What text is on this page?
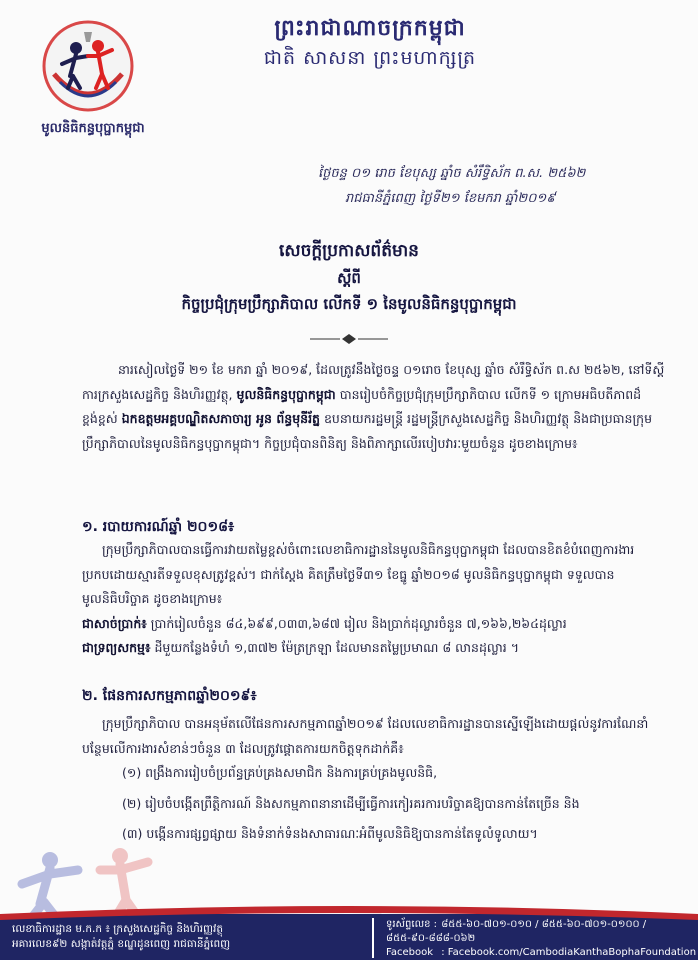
មូលនិធិកន្ធបុប្ផាកម្ពុជា
ព្រះរាជាណាចក្រកម្ពុជា
ជាតិ សាសនា ព្រះមហាក្សត្រ
ថ្ងៃចន្ទ ០១ រោច ខែបុស្ស ឆ្នាំច សំរឹទ្ធិស័ក ព.ស. ២៥៦២
រាជធានីភ្នំពេញ ថ្ងៃទី២១ ខែមករា ឆ្នាំ២០១៩
សេចក្តីប្រកាសព័ត៌មាន
ស្តីពី
កិច្ចប្រជុំក្រុមប្រឹក្សាភិបាល លើកទី ១ នៃមូលនិធិកន្ធបុប្ផាកម្ពុជា
នារសៀលថ្ងៃទី ២១ ខែ មករា ឆ្នាំ ២០១៩, ដែលត្រូវនឹងថ្ងៃចន្ទ ០១រោច ខែបុស្ស ឆ្នាំច សំរឹទ្ធិស័ក ព.ស ២៥៦២, នៅទីស្តីការក្រសួងសេដ្ឋកិច្ច និងហិរញ្ញវត្ថុ, មូលនិធិកន្ធបុប្ផាកម្ពុជា បានរៀបចំកិច្ចប្រជុំក្រុមប្រឹក្សាភិបាល លើកទី ១ ក្រោមអធិបតីភាពដ៏ខ្ពង់ខ្ពស់ ឯកឧត្តមអគ្គបណ្ឌិតសភាចារ្យ អូន ព័ន្ធមុនីរ័ត្ន ឧបនាយករដ្ឋមន្ត្រី រដ្ឋមន្ត្រីក្រសួងសេដ្ឋកិច្ច និងហិរញ្ញវត្ថុ និងជាប្រធានក្រុមប្រឹក្សាភិបាលនៃមូលនិធិកន្ធបុប្ផាកម្ពុជា។ កិច្ចប្រជុំបានពិនិត្យ និងពិភាក្សាលើរបៀបវារៈមួយចំនួន ដូចខាងក្រោម៖
១. របាយការណ៍ឆ្នាំ ២០១៨៖
ក្រុមប្រឹក្សាភិបាលបានធ្វើការវាយតម្លៃខ្ពស់ចំពោះលេខាធិការដ្ឋាននៃមូលនិធិកន្ធបុប្ផាកម្ពុជា ដែលបានខិតខំបំពេញការងារប្រកបដោយស្មារតីទទួលខុសត្រូវខ្ពស់។ ជាក់ស្តែង គិតត្រឹមថ្ងៃទី៣១ ខែធ្នូ ឆ្នាំ២០១៨ មូលនិធិកន្ធបុប្ផាកម្ពុជា ទទួលបានមូលនិធិបរិច្ចាគ ដូចខាងក្រោម៖
ជាសាច់ប្រាក់៖ ប្រាក់រៀលចំនួន ៨៤,៦៩៩,០៣៣,៦៨៧ រៀល និងប្រាក់ដុល្លារចំនួន ៧,១៦៦,២៦៤ដុល្លារ
ជាទ្រព្យសកម្ម៖ ដីមួយកន្លែងទំហំ ១,៣៧២ ម៉ែត្រក្រឡា ដែលមានតម្លៃប្រមាណ ៨ លានដុល្លារ ។
២. ផែនការសកម្មភាពឆ្នាំ២០១៩៖
ក្រុមប្រឹក្សាភិបាល បានអនុម័តលើផែនការសកម្មភាពឆ្នាំ២០១៩ ដែលលេខាធិការដ្ឋានបានស្នើឡើងដោយផ្តល់នូវការណែនាំបន្ថែមលើការងារសំខាន់ៗចំនួន ៣ ដែលត្រូវផ្តោតការយកចិត្តទុកដាក់គឺ៖
(១) ពង្រឹងការរៀបចំប្រព័ន្ធគ្រប់គ្រងសមាជិក និងការគ្រប់គ្រងមូលនិធិ,
(២) រៀបចំបង្កើតព្រឹត្តិការណ៍ និងសកម្មភាពនានាដើម្បីធ្វើការកៀរគរការបរិច្ចាគឱ្យបានកាន់តែច្រើន និង
(៣) បង្កើនការផ្សព្វផ្សាយ និងទំនាក់ទំនងសាធារណៈអំពីមូលនិធិឱ្យបានកាន់តែទូលំទូលាយ។
លេខាធិការដ្ឋាន ម.ក.ក ៖ ក្រសួងសេដ្ឋកិច្ច និងហិរញ្ញវត្ថុ
អគារលេខ៩២ សង្កាត់វត្តភ្នំ ខណ្ឌដូនពេញ រាជធានីភ្នំពេញ
ទូរស័ព្ទលេខ : ៨៥៥-៦០-៧០១-០១០ / ៨៥៥-៦០-៧០១-០១០០ / ៨៥៥-៩០-៨៨៨-០៦២
Facebook : Facebook.com/CambodiaKanthaBophaFoundation
